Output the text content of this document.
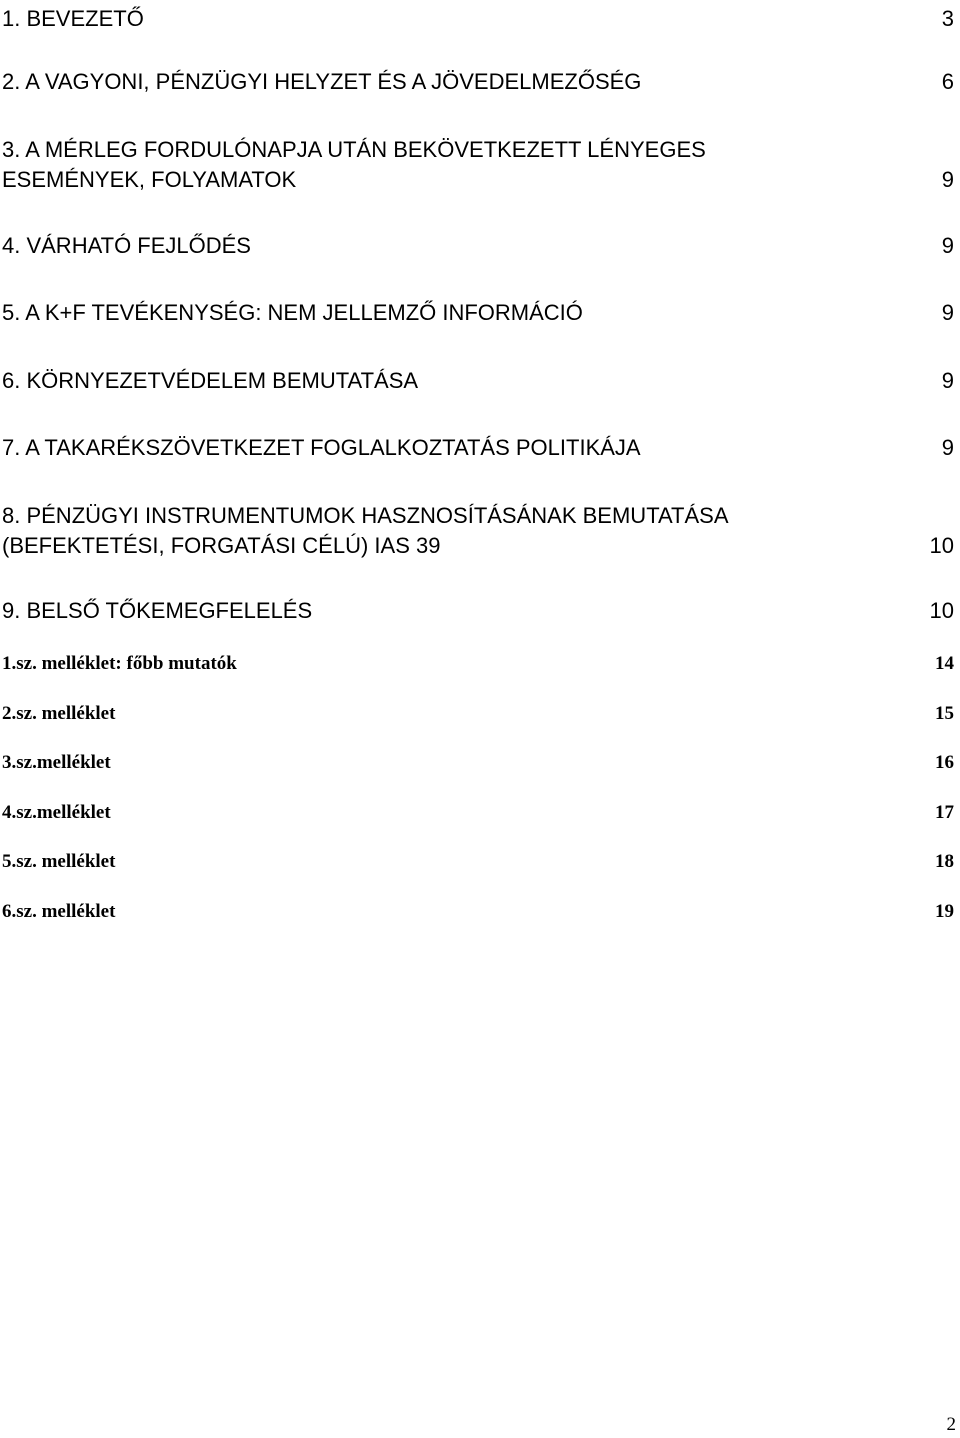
1. BEVEZETŐ	3
2. A VAGYONI, PÉNZÜGYI HELYZET ÉS A JÖVEDELMEZŐSÉG	6
3. A MÉRLEG FORDULÓNAPJA UTÁN BEKÖVETKEZETT LÉNYEGES
ESEMÉNYEK, FOLYAMATOK	9
4. VÁRHATÓ FEJLŐDÉS	9
5. A K+F TEVÉKENYSÉG: NEM JELLEMZŐ INFORMÁCIÓ	9
6. KÖRNYEZETVÉDELEM BEMUTATÁSA	9
7. A TAKARÉKSZÖVETKEZET FOGLALKOZTATÁS POLITIKÁJA	9
8. PÉNZÜGYI INSTRUMENTUMOK HASZNOSÍTÁSÁNAK BEMUTATÁSA
(BEFEKTETÉSI, FORGATÁSI CÉLÚ) IAS 39	10
9. BELSŐ TŐKEMEGFELELÉS	10
1.sz. melléklet: főbb mutatók	14
2.sz. melléklet	15
3.sz.melléklet	16
4.sz.melléklet	17
5.sz. melléklet	18
6.sz. melléklet	19
2
